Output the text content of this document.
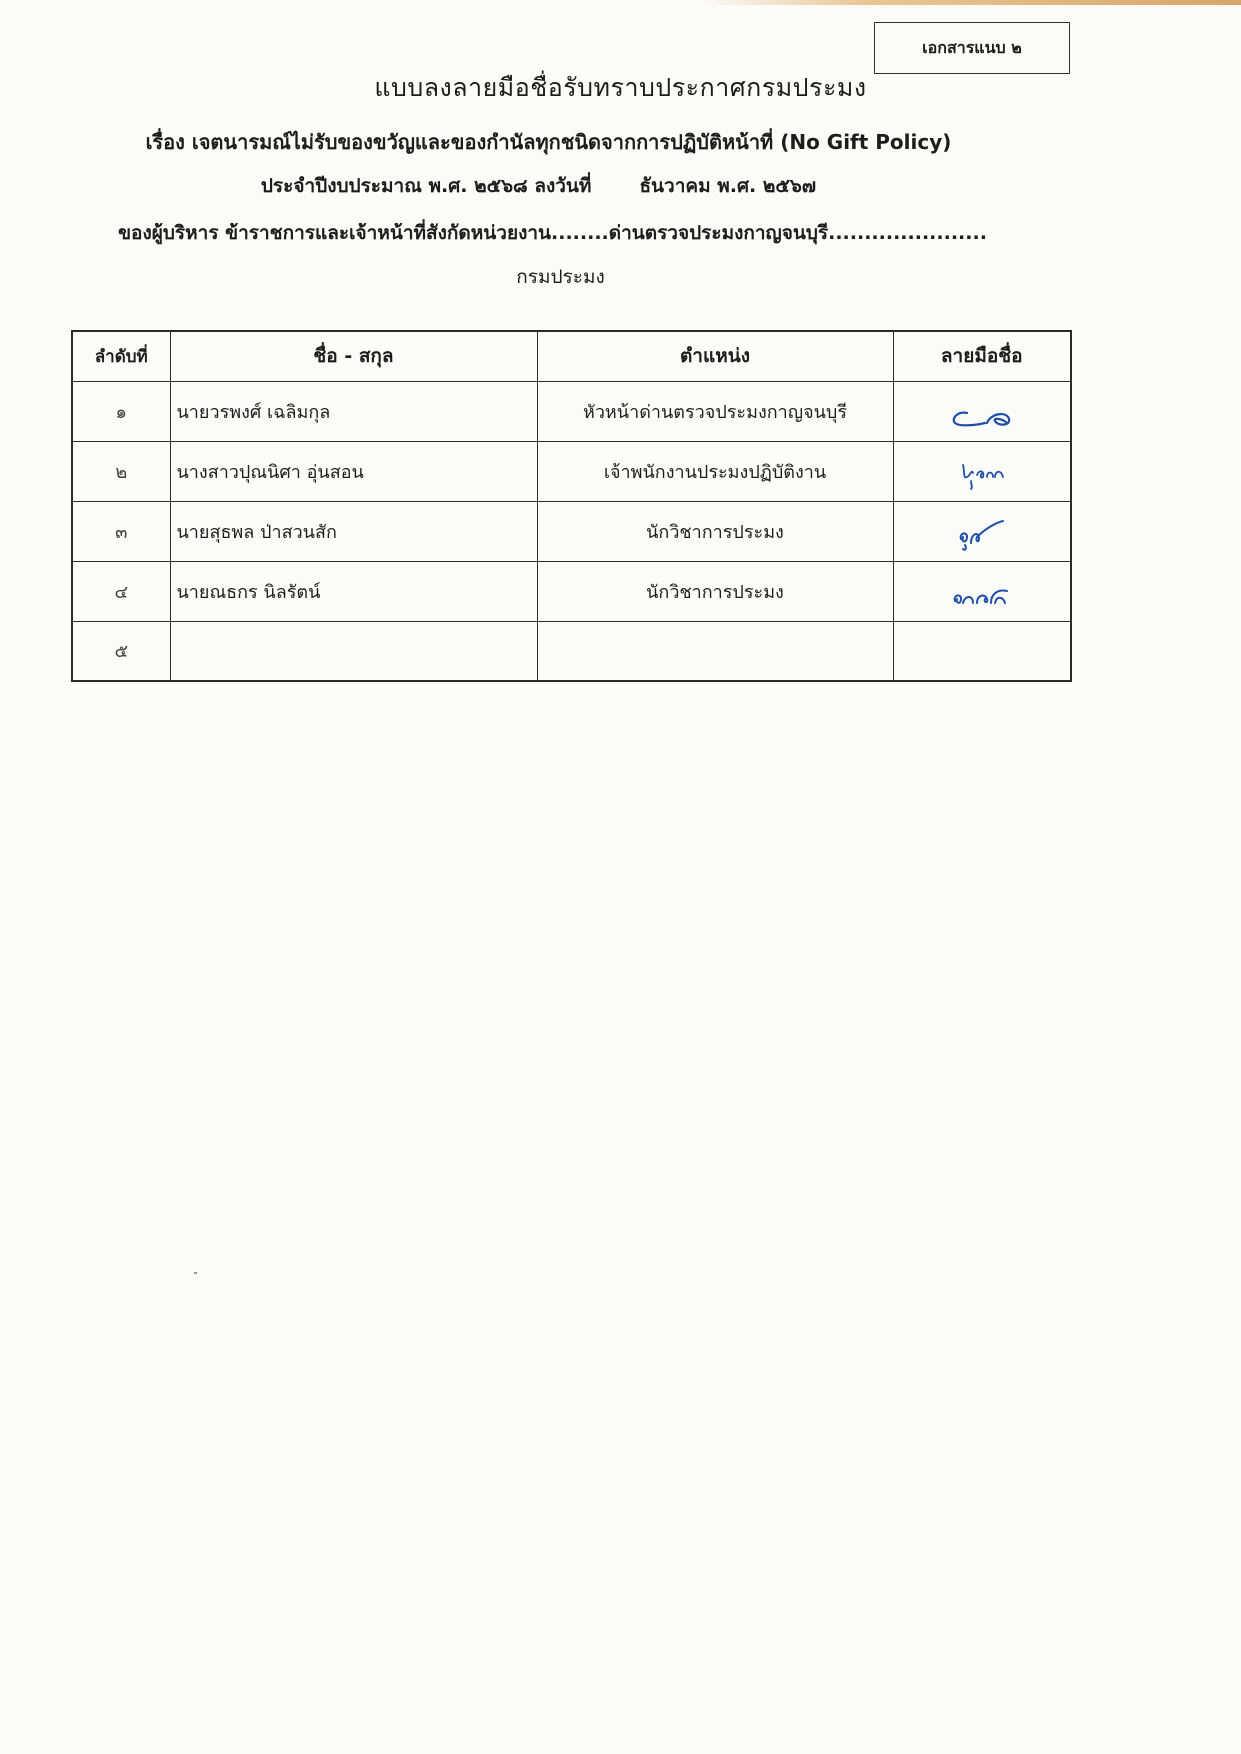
เอกสารแนบ ๒
แบบลงลายมือชื่อรับทราบประกาศกรมประมง
เรื่อง เจตนารมณ์ไม่รับของขวัญและของกำนัลทุกชนิดจากการปฏิบัติหน้าที่ (No Gift Policy)
ประจำปีงบประมาณ พ.ศ. ๒๕๖๘ ลงวันที่	ธันวาคม พ.ศ. ๒๕๖๗
ของผู้บริหาร ข้าราชการและเจ้าหน้าที่สังกัดหน่วยงาน........ด่านตรวจประมงกาญจนบุรี......................
กรมประมง
ลำดับที่	ชื่อ - สกุล	ตำแหน่ง	ลายมือชื่อ
๑	นายวรพงศ์ เฉลิมกุล	หัวหน้าด่านตรวจประมงกาญจนบุรี	

๒	นางสาวปุณนิศา อุ่นสอน	เจ้าพนักงานประมงปฏิบัติงาน	

๓	นายสุธพล ป่าสวนสัก	นักวิชาการประมง	

๔	นายณธกร นิลรัตน์	นักวิชาการประมง	

๕			
